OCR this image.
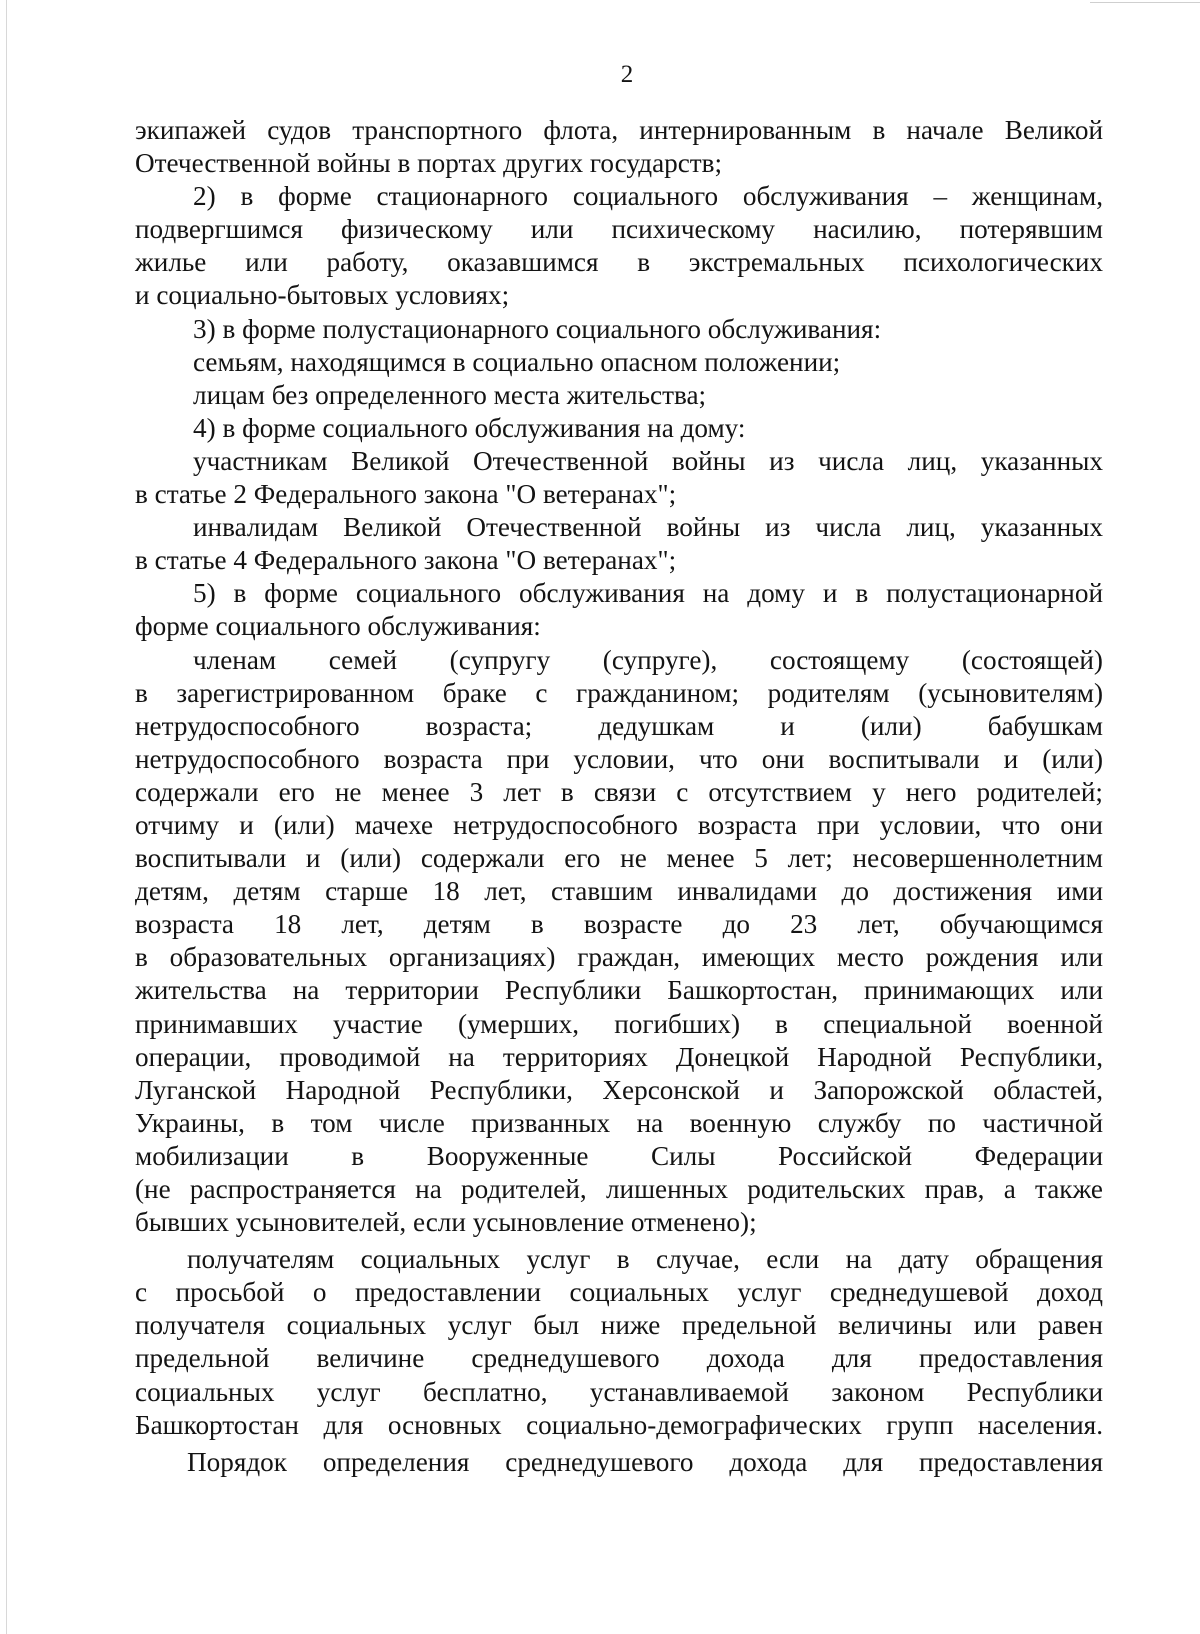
2
экипажей судов транспортного флота, интернированным в начале Великой
Отечественной войны в портах других государств;
2) в форме стационарного социального обслуживания – женщинам,
подвергшимся физическому или психическому насилию, потерявшим
жилье или работу, оказавшимся в экстремальных психологических
и социально-бытовых условиях;
3) в форме полустационарного социального обслуживания:
семьям, находящимся в социально опасном положении;
лицам без определенного места жительства;
4) в форме социального обслуживания на дому:
участникам Великой Отечественной войны из числа лиц, указанных
в статье 2 Федерального закона "О ветеранах";
инвалидам Великой Отечественной войны из числа лиц, указанных
в статье 4 Федерального закона "О ветеранах";
5) в форме социального обслуживания на дому и в полустационарной
форме социального обслуживания:
членам семей (супругу (супруге), состоящему (состоящей)
в зарегистрированном браке с гражданином; родителям (усыновителям)
нетрудоспособного возраста; дедушкам и (или) бабушкам
нетрудоспособного возраста при условии, что они воспитывали и (или)
содержали его не менее 3 лет в связи с отсутствием у него родителей;
отчиму и (или) мачехе нетрудоспособного возраста при условии, что они
воспитывали и (или) содержали его не менее 5 лет; несовершеннолетним
детям, детям старше 18 лет, ставшим инвалидами до достижения ими
возраста 18 лет, детям в возрасте до 23 лет, обучающимся
в образовательных организациях) граждан, имеющих место рождения или
жительства на территории Республики Башкортостан, принимающих или
принимавших участие (умерших, погибших) в специальной военной
операции, проводимой на территориях Донецкой Народной Республики,
Луганской Народной Республики, Херсонской и Запорожской областей,
Украины, в том числе призванных на военную службу по частичной
мобилизации в Вооруженные Силы Российской Федерации
(не распространяется на родителей, лишенных родительских прав, а также
бывших усыновителей, если усыновление отменено);
получателям социальных услуг в случае, если на дату обращения
с просьбой о предоставлении социальных услуг среднедушевой доход
получателя социальных услуг был ниже предельной величины или равен
предельной величине среднедушевого дохода для предоставления
социальных услуг бесплатно, устанавливаемой законом Республики
Башкортостан для основных социально-демографических групп населения.
Порядок определения среднедушевого дохода для предоставления
